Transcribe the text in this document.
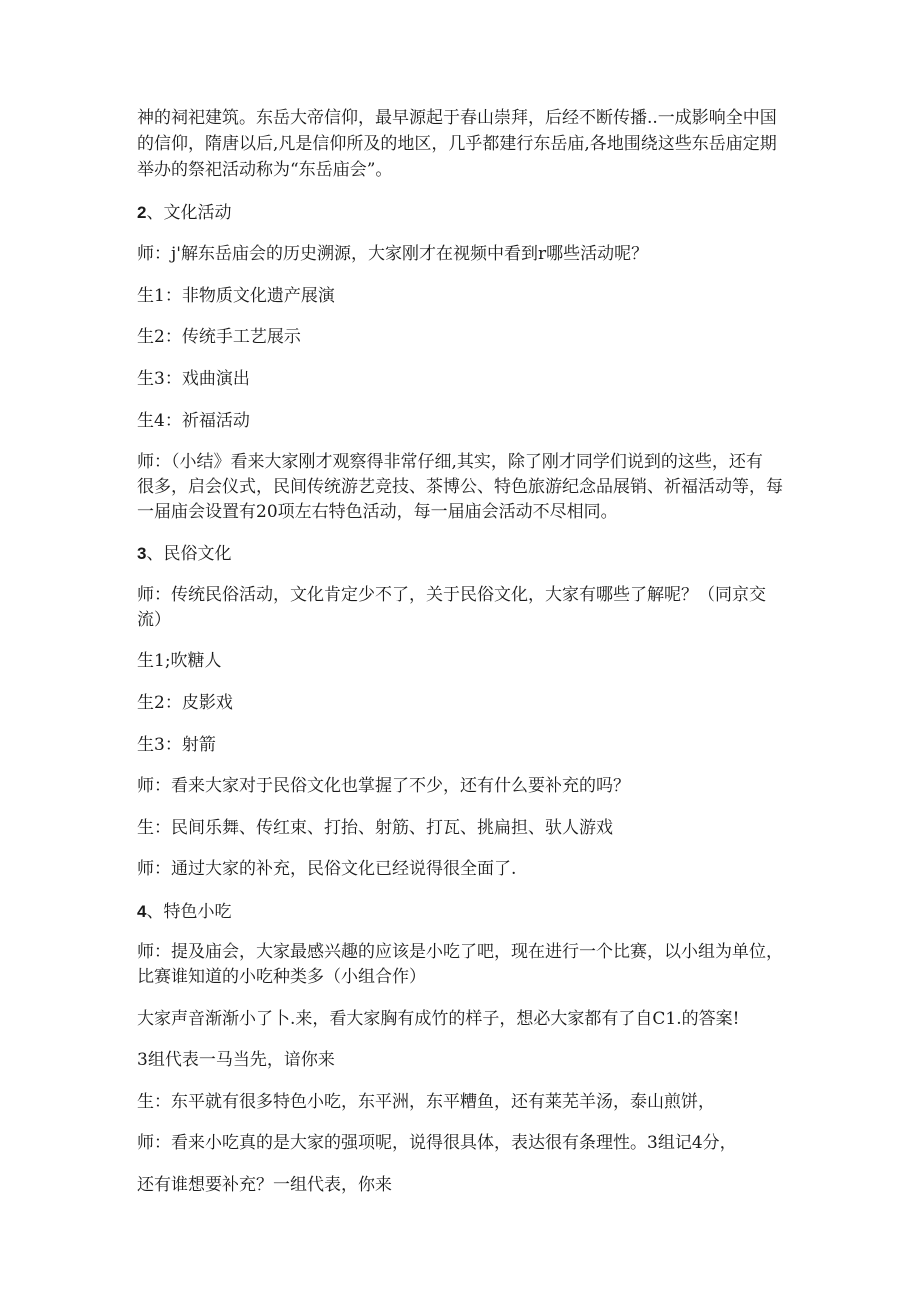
神的祠祀建筑。东岳大帝信仰，最早源起于春山崇拜，后经不断传播..一成影响全中国
的信仰，隋唐以后,凡是信仰所及的地区，几乎都建行东岳庙,各地围绕这些东岳庙定期
举办的祭祀活动称为“东岳庙会”。
2、文化活动
师：j'解东岳庙会的历史溯源，大家刚才在视频中看到r哪些活动呢？
生1：非物质文化遗产展演
生2：传统手工艺展示
生3：戏曲演出
生4：祈福活动
师：（小结》看来大家刚才观察得非常仔细,其实，除了刚才同学们说到的这些，还有
很多，启会仪式，民间传统游艺竞技、茶博公、特色旅游纪念品展销、祈福活动等，每
一届庙会设置有20项左右特色活动，每一届庙会活动不尽相同。
3、民俗文化
师：传统民俗活动，文化肯定少不了，关于民俗文化，大家有哪些了解呢？（同京交
流）
生1;吹糖人
生2：皮影戏
生3：射箭
师：看来大家对于民俗文化也掌握了不少，还有什么要补充的吗？
生：民间乐舞、传红束、打抬、射筋、打瓦、挑扁担、驮人游戏
师：通过大家的补充，民俗文化已经说得很全面了.
4、特色小吃
师：提及庙会，大家最感兴趣的应该是小吃了吧，现在进行一个比赛，以小组为单位，
比赛谁知道的小吃种类多（小组合作）
大家声音渐渐小了卜.来，看大家胸有成竹的样子，想必大家都有了自C1.的答案!
3组代表一马当先，谙你来
生：东平就有很多特色小吃，东平洲，东平糟鱼，还有莱芜羊汤，泰山煎饼，
师：看来小吃真的是大家的强项呢，说得很具体，表达很有条理性。3组记4分，
还有谁想要补充？一组代表，你来
